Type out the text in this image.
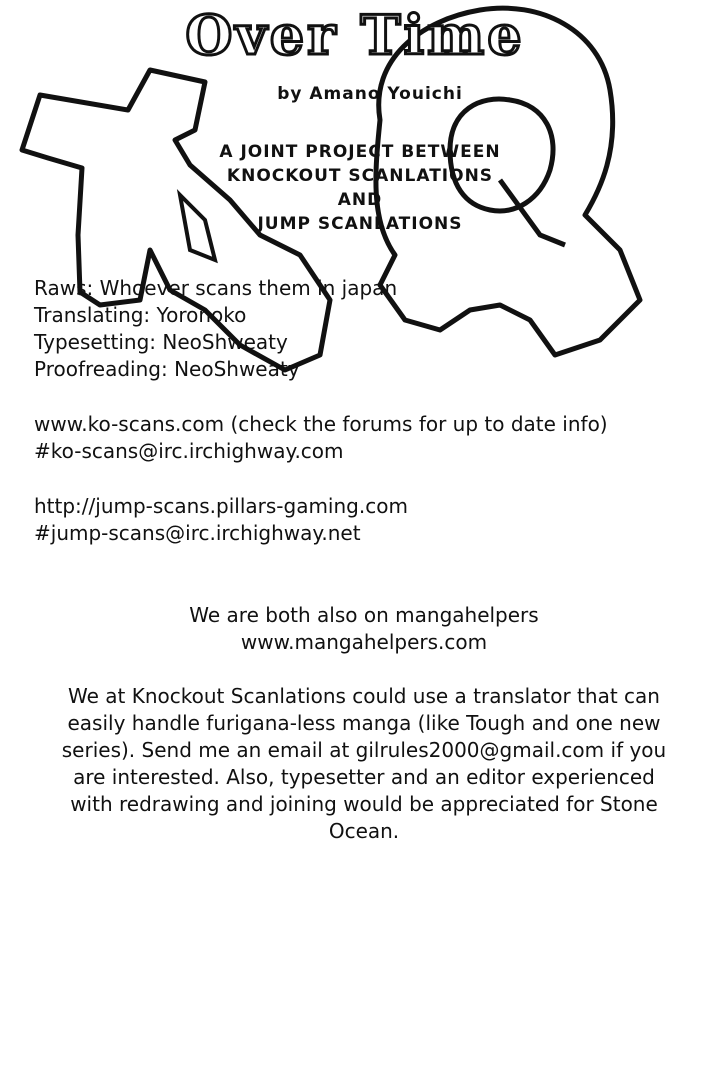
Over Time
by Amano Youichi
A JOINT PROJECT BETWEEN
KNOCKOUT SCANLATIONS
AND
JUMP SCANLATIONS
Raws: Whoever scans them in japan
Translating: Yoronoko
Typesetting: NeoShweaty
Proofreading: NeoShweaty
www.ko-scans.com (check the forums for up to date info)
#ko-scans@irc.irchighway.com
http://jump-scans.pillars-gaming.com
#jump-scans@irc.irchighway.net
We are both also on mangahelpers
www.mangahelpers.com
We at Knockout Scanlations could use a translator that can
easily handle furigana-less manga (like Tough and one new
series). Send me an email at gilrules2000@gmail.com if you
are interested. Also, typesetter and an editor experienced
with redrawing and joining would be appreciated for Stone
Ocean.
